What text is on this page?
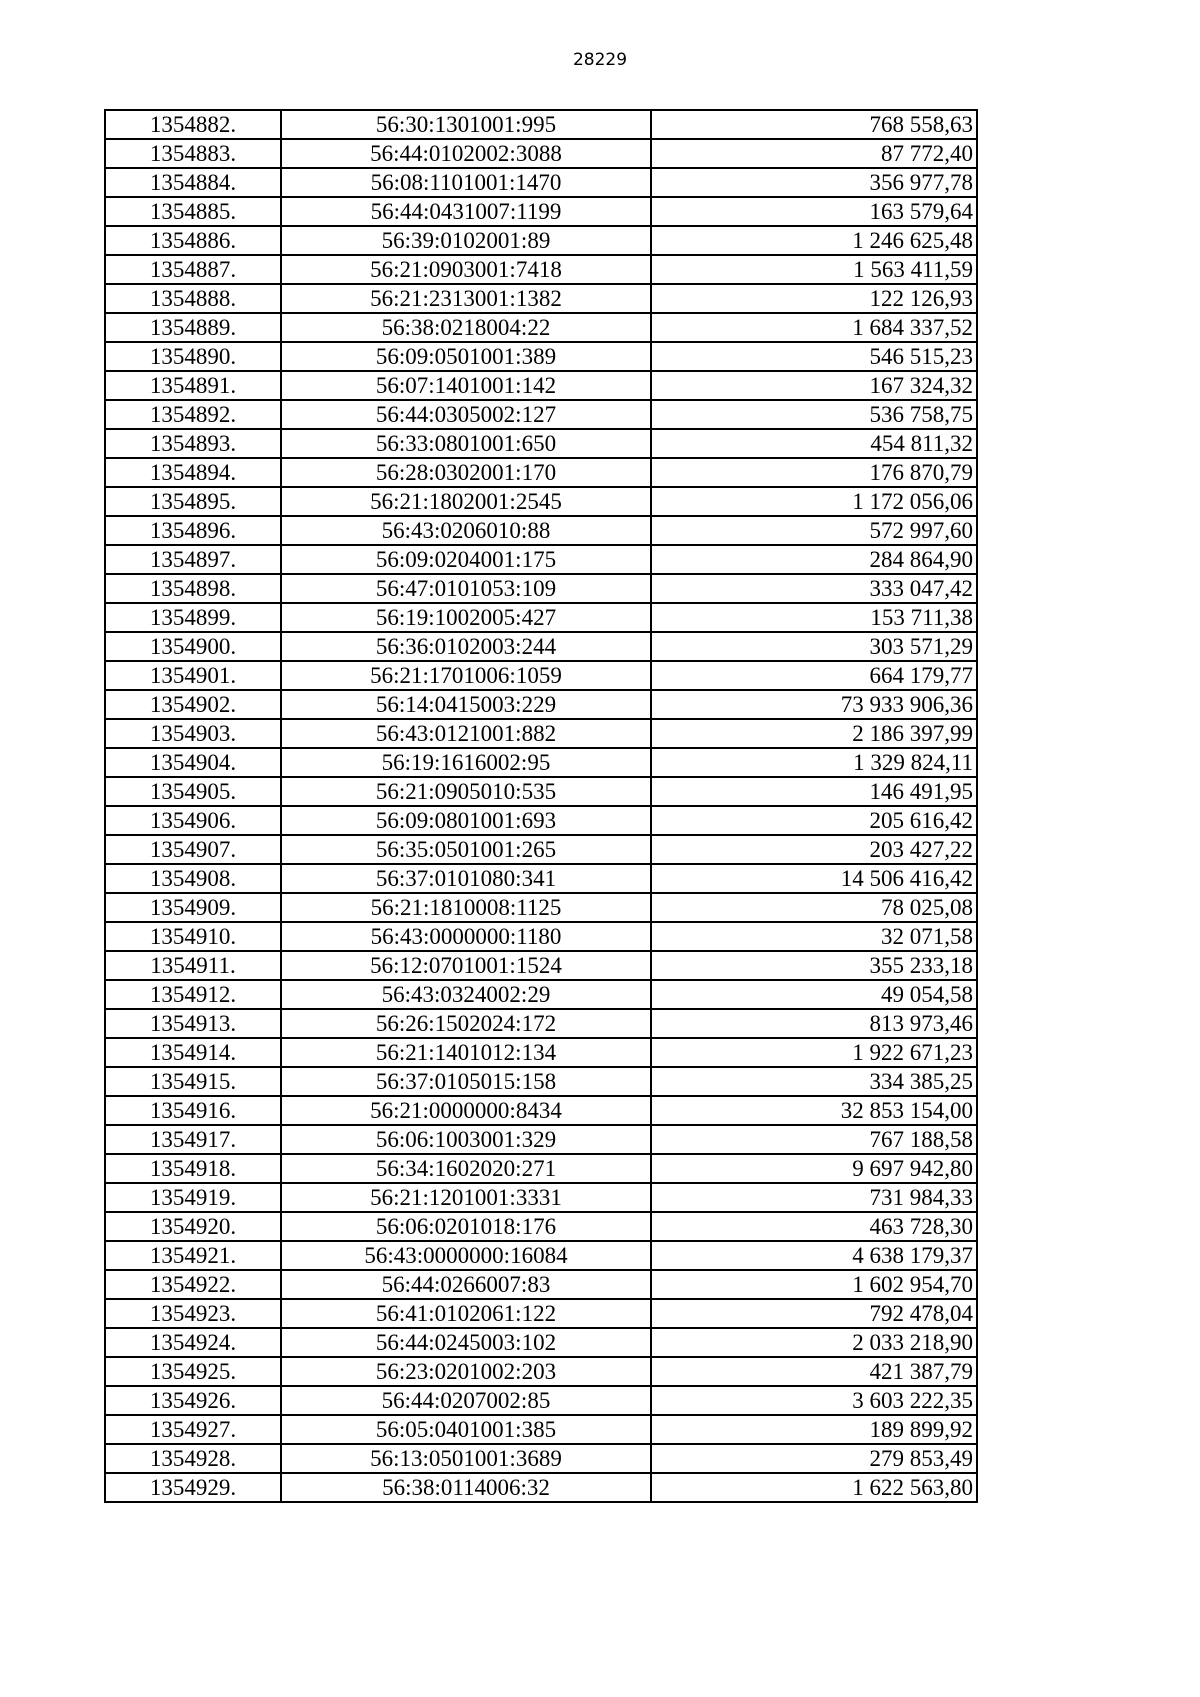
28229
1354882.	56:30:1301001:995	768 558,63
1354883.	56:44:0102002:3088	87 772,40
1354884.	56:08:1101001:1470	356 977,78
1354885.	56:44:0431007:1199	163 579,64
1354886.	56:39:0102001:89	1 246 625,48
1354887.	56:21:0903001:7418	1 563 411,59
1354888.	56:21:2313001:1382	122 126,93
1354889.	56:38:0218004:22	1 684 337,52
1354890.	56:09:0501001:389	546 515,23
1354891.	56:07:1401001:142	167 324,32
1354892.	56:44:0305002:127	536 758,75
1354893.	56:33:0801001:650	454 811,32
1354894.	56:28:0302001:170	176 870,79
1354895.	56:21:1802001:2545	1 172 056,06
1354896.	56:43:0206010:88	572 997,60
1354897.	56:09:0204001:175	284 864,90
1354898.	56:47:0101053:109	333 047,42
1354899.	56:19:1002005:427	153 711,38
1354900.	56:36:0102003:244	303 571,29
1354901.	56:21:1701006:1059	664 179,77
1354902.	56:14:0415003:229	73 933 906,36
1354903.	56:43:0121001:882	2 186 397,99
1354904.	56:19:1616002:95	1 329 824,11
1354905.	56:21:0905010:535	146 491,95
1354906.	56:09:0801001:693	205 616,42
1354907.	56:35:0501001:265	203 427,22
1354908.	56:37:0101080:341	14 506 416,42
1354909.	56:21:1810008:1125	78 025,08
1354910.	56:43:0000000:1180	32 071,58
1354911.	56:12:0701001:1524	355 233,18
1354912.	56:43:0324002:29	49 054,58
1354913.	56:26:1502024:172	813 973,46
1354914.	56:21:1401012:134	1 922 671,23
1354915.	56:37:0105015:158	334 385,25
1354916.	56:21:0000000:8434	32 853 154,00
1354917.	56:06:1003001:329	767 188,58
1354918.	56:34:1602020:271	9 697 942,80
1354919.	56:21:1201001:3331	731 984,33
1354920.	56:06:0201018:176	463 728,30
1354921.	56:43:0000000:16084	4 638 179,37
1354922.	56:44:0266007:83	1 602 954,70
1354923.	56:41:0102061:122	792 478,04
1354924.	56:44:0245003:102	2 033 218,90
1354925.	56:23:0201002:203	421 387,79
1354926.	56:44:0207002:85	3 603 222,35
1354927.	56:05:0401001:385	189 899,92
1354928.	56:13:0501001:3689	279 853,49
1354929.	56:38:0114006:32	1 622 563,80
